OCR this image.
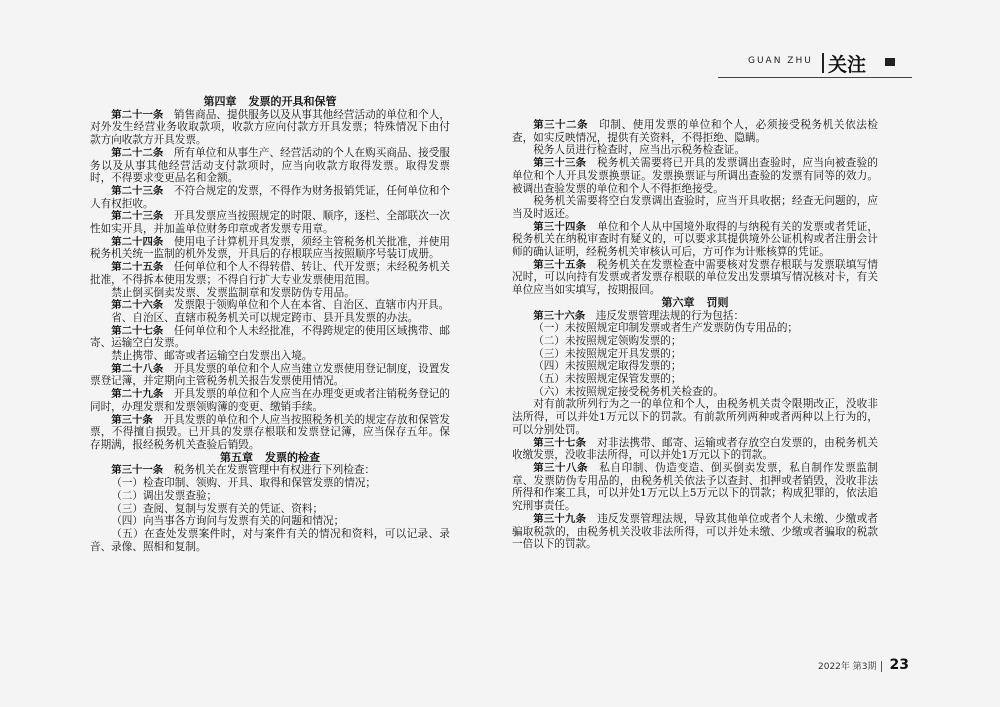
GUAN ZHU 关注

第四章 发票的开具和保管

第二十一条　 销售商品、提供服务以及从事其他经营活动的单位和个人，对外发生经营业务收取款项，收款方应向付款方开具发票；特殊情况下由付款方向收款方开具发票。

第二十二条　 所有单位和从事生产、经营活动的个人在购买商品、接受服务以及从事其他经营活动支付款项时，应当向收款方取得发票。取得发票时，不得要求变更品名和金额。

第二十三条　 不符合规定的发票，不得作为财务报销凭证，任何单位和个人有权拒收。

第二十三条　 开具发票应当按照规定的时限、顺序，逐栏、全部联次一次性如实开具，并加盖单位财务印章或者发票专用章。

第二十四条　 使用电子计算机开具发票，须经主管税务机关批准，并使用税务机关统一监制的机外发票，开具后的存根联应当按照顺序号装订成册。

第二十五条　 任何单位和个人不得转借、转让、代开发票；未经税务机关批准，不得拆本使用发票；不得自行扩大专业发票使用范围。

禁止倒买倒卖发票、发票监制章和发票防伪专用品。

第二十六条　 发票限于领购单位和个人在本省、自治区、直辖市内开具。

省、自治区、直辖市税务机关可以规定跨市、县开具发票的办法。

第二十七条　 任何单位和个人未经批准，不得跨规定的使用区域携带、邮寄、运输空白发票。

禁止携带、邮寄或者运输空白发票出入境。

第二十八条　 开具发票的单位和个人应当建立发票使用登记制度，设置发票登记簿，并定期向主管税务机关报告发票使用情况。

第二十九条　 开具发票的单位和个人应当在办理变更或者注销税务登记的同时，办理发票和发票领购簿的变更、缴销手续。

第三十条　 开具发票的单位和个人应当按照税务机关的规定存放和保管发票，不得擅自损毁。已开具的发票存根联和发票登记簿，应当保存五年。保存期满，报经税务机关查验后销毁。

第五章 发票的检查

第三十一条　 税务机关在发票管理中有权进行下列检查：

（一）检查印制、领购、开具、取得和保管发票的情况；

（二）调出发票查验；

（三）查阅、复制与发票有关的凭证、资料；

（四）向当事各方询问与发票有关的问题和情况；

（五）在查处发票案件时，对与案件有关的情况和资料，可以记录、录音、录像、照相和复制。

第三十二条　 印制、使用发票的单位和个人，必须接受税务机关依法检查，如实反映情况，提供有关资料，不得拒绝、隐瞒。

税务人员进行检查时，应当出示税务检查证。

第三十三条　 税务机关需要将已开具的发票调出查验时，应当向被查验的单位和个人开具发票换票证。发票换票证与所调出查验的发票有同等的效力。被调出查验发票的单位和个人不得拒绝接受。

税务机关需要将空白发票调出查验时，应当开具收据；经查无问题的，应当及时返还。

第三十四条　 单位和个人从中国境外取得的与纳税有关的发票或者凭证，税务机关在纳税审查时有疑义的，可以要求其提供境外公证机构或者注册会计师的确认证明，经税务机关审核认可后，方可作为计账核算的凭证。

第三十五条　 税务机关在发票检查中需要核对发票存根联与发票联填写情况时，可以向持有发票或者发票存根联的单位发出发票填写情况核对卡，有关单位应当如实填写，按期报回。

第六章 罚则

第三十六条　 违反发票管理法规的行为包括：

（一）未按照规定印制发票或者生产发票防伪专用品的；

（二）未按照规定领购发票的；

（三）未按照规定开具发票的；

（四）未按照规定取得发票的；

（五）未按照规定保管发票的；

（六）未按照规定接受税务机关检查的。

对有前款所列行为之一的单位和个人，由税务机关责令限期改正，没收非法所得，可以并处1万元以下的罚款。有前款所列两种或者两种以上行为的，可以分别处罚。

第三十七条　 对非法携带、邮寄、运输或者存放空白发票的，由税务机关收缴发票，没收非法所得，可以并处1万元以下的罚款。

第三十八条　 私自印制、伪造变造、倒买倒卖发票，私自制作发票监制章、发票防伪专用品的，由税务机关依法予以查封、扣押或者销毁，没收非法所得和作案工具，可以并处1万元以上5万元以下的罚款；构成犯罪的，依法追究刑事责任。

第三十九条　 违反发票管理法规，导致其他单位或者个人未缴、少缴或者骗取税款的，由税务机关没收非法所得，可以并处未缴、少缴或者骗取的税款一倍以下的罚款。

2022年 第3期 23
